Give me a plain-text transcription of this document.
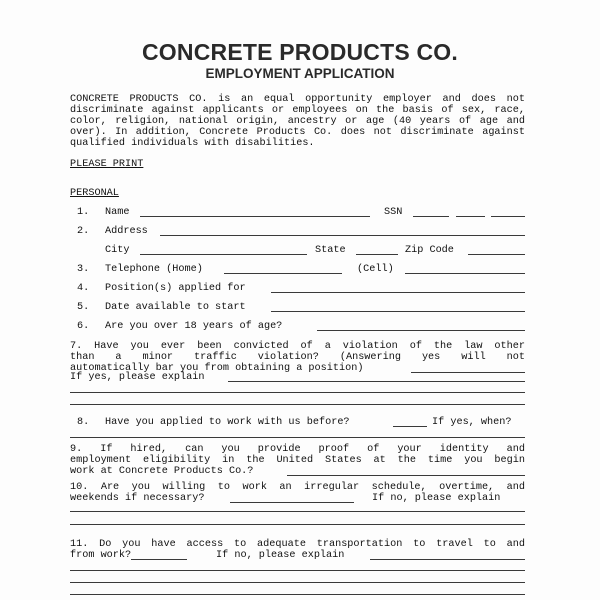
CONCRETE PRODUCTS CO.
EMPLOYMENT APPLICATION
CONCRETE PRODUCTS CO. is an equal opportunity employer and does not discriminate against applicants or employees on the basis of sex, race, color, religion, national origin, ancestry or age (40 years of age and over). In addition, Concrete Products Co. does not discriminate against qualified individuals with disabilities.
PLEASE PRINT
PERSONAL
1. Name	SSN
2. Address
City	State	Zip Code
3. Telephone (Home)	(Cell)
4. Position(s) applied for
5. Date available to start
6. Are you over 18 years of age?
7. Have you ever been convicted of a violation of the law other
than a minor traffic violation? (Answering yes will not
automatically bar you from obtaining a position)
If yes, please explain
8. Have you applied to work with us before?	If yes, when?
9. If hired, can you provide proof of your identity and
employment eligibility in the United States at the time you begin
work at Concrete Products Co.?
10. Are you willing to work an irregular schedule, overtime, and
weekends if necessary?	If no, please explain
11. Do you have access to adequate transportation to travel to and
from work?	If no, please explain
